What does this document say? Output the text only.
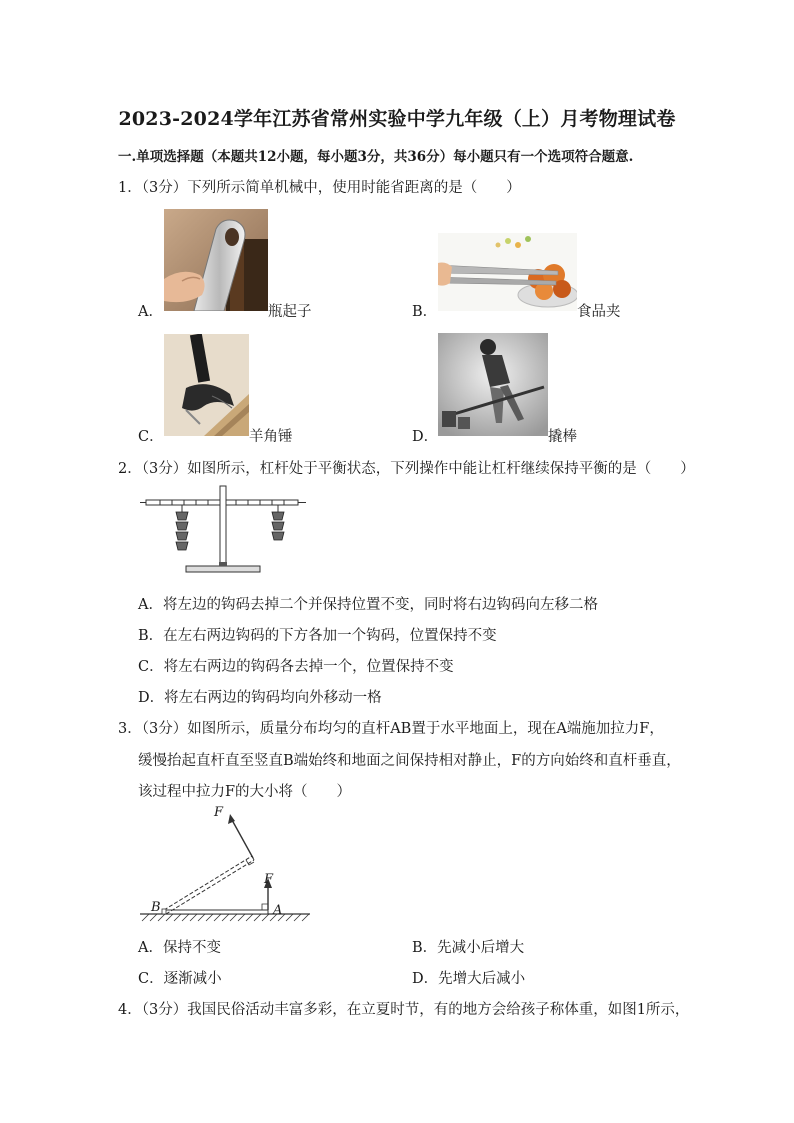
2023-2024学年江苏省常州实验中学九年级（上）月考物理试卷
一.单项选择题（本题共12小题，每小题3分，共36分）每小题只有一个选项符合题意.
1．（3分）下列所示简单机械中，使用时能省距离的是（　　）
A．	瓶起子	B．	食品夹
C．	羊角锤	D．	撬棒
2．（3分）如图所示，杠杆处于平衡状态，下列操作中能让杠杆继续保持平衡的是（　　）
A．将左边的钩码去掉二个并保持位置不变，同时将右边钩码向左移二格
B．在左右两边钩码的下方各加一个钩码，位置保持不变
C．将左右两边的钩码各去掉一个，位置保持不变
D．将左右两边的钩码均向外移动一格
3．（3分）如图所示，质量分布均匀的直杆AB置于水平地面上，现在A端施加拉力F，
缓慢抬起直杆直至竖直B端始终和地面之间保持相对静止，F的方向始终和直杆垂直，
该过程中拉力F的大小将（　　）
F
F
B	A
A．保持不变	B．先减小后增大
C．逐渐减小	D．先增大后减小
4．（3分）我国民俗活动丰富多彩，在立夏时节，有的地方会给孩子称体重，如图1所示，
